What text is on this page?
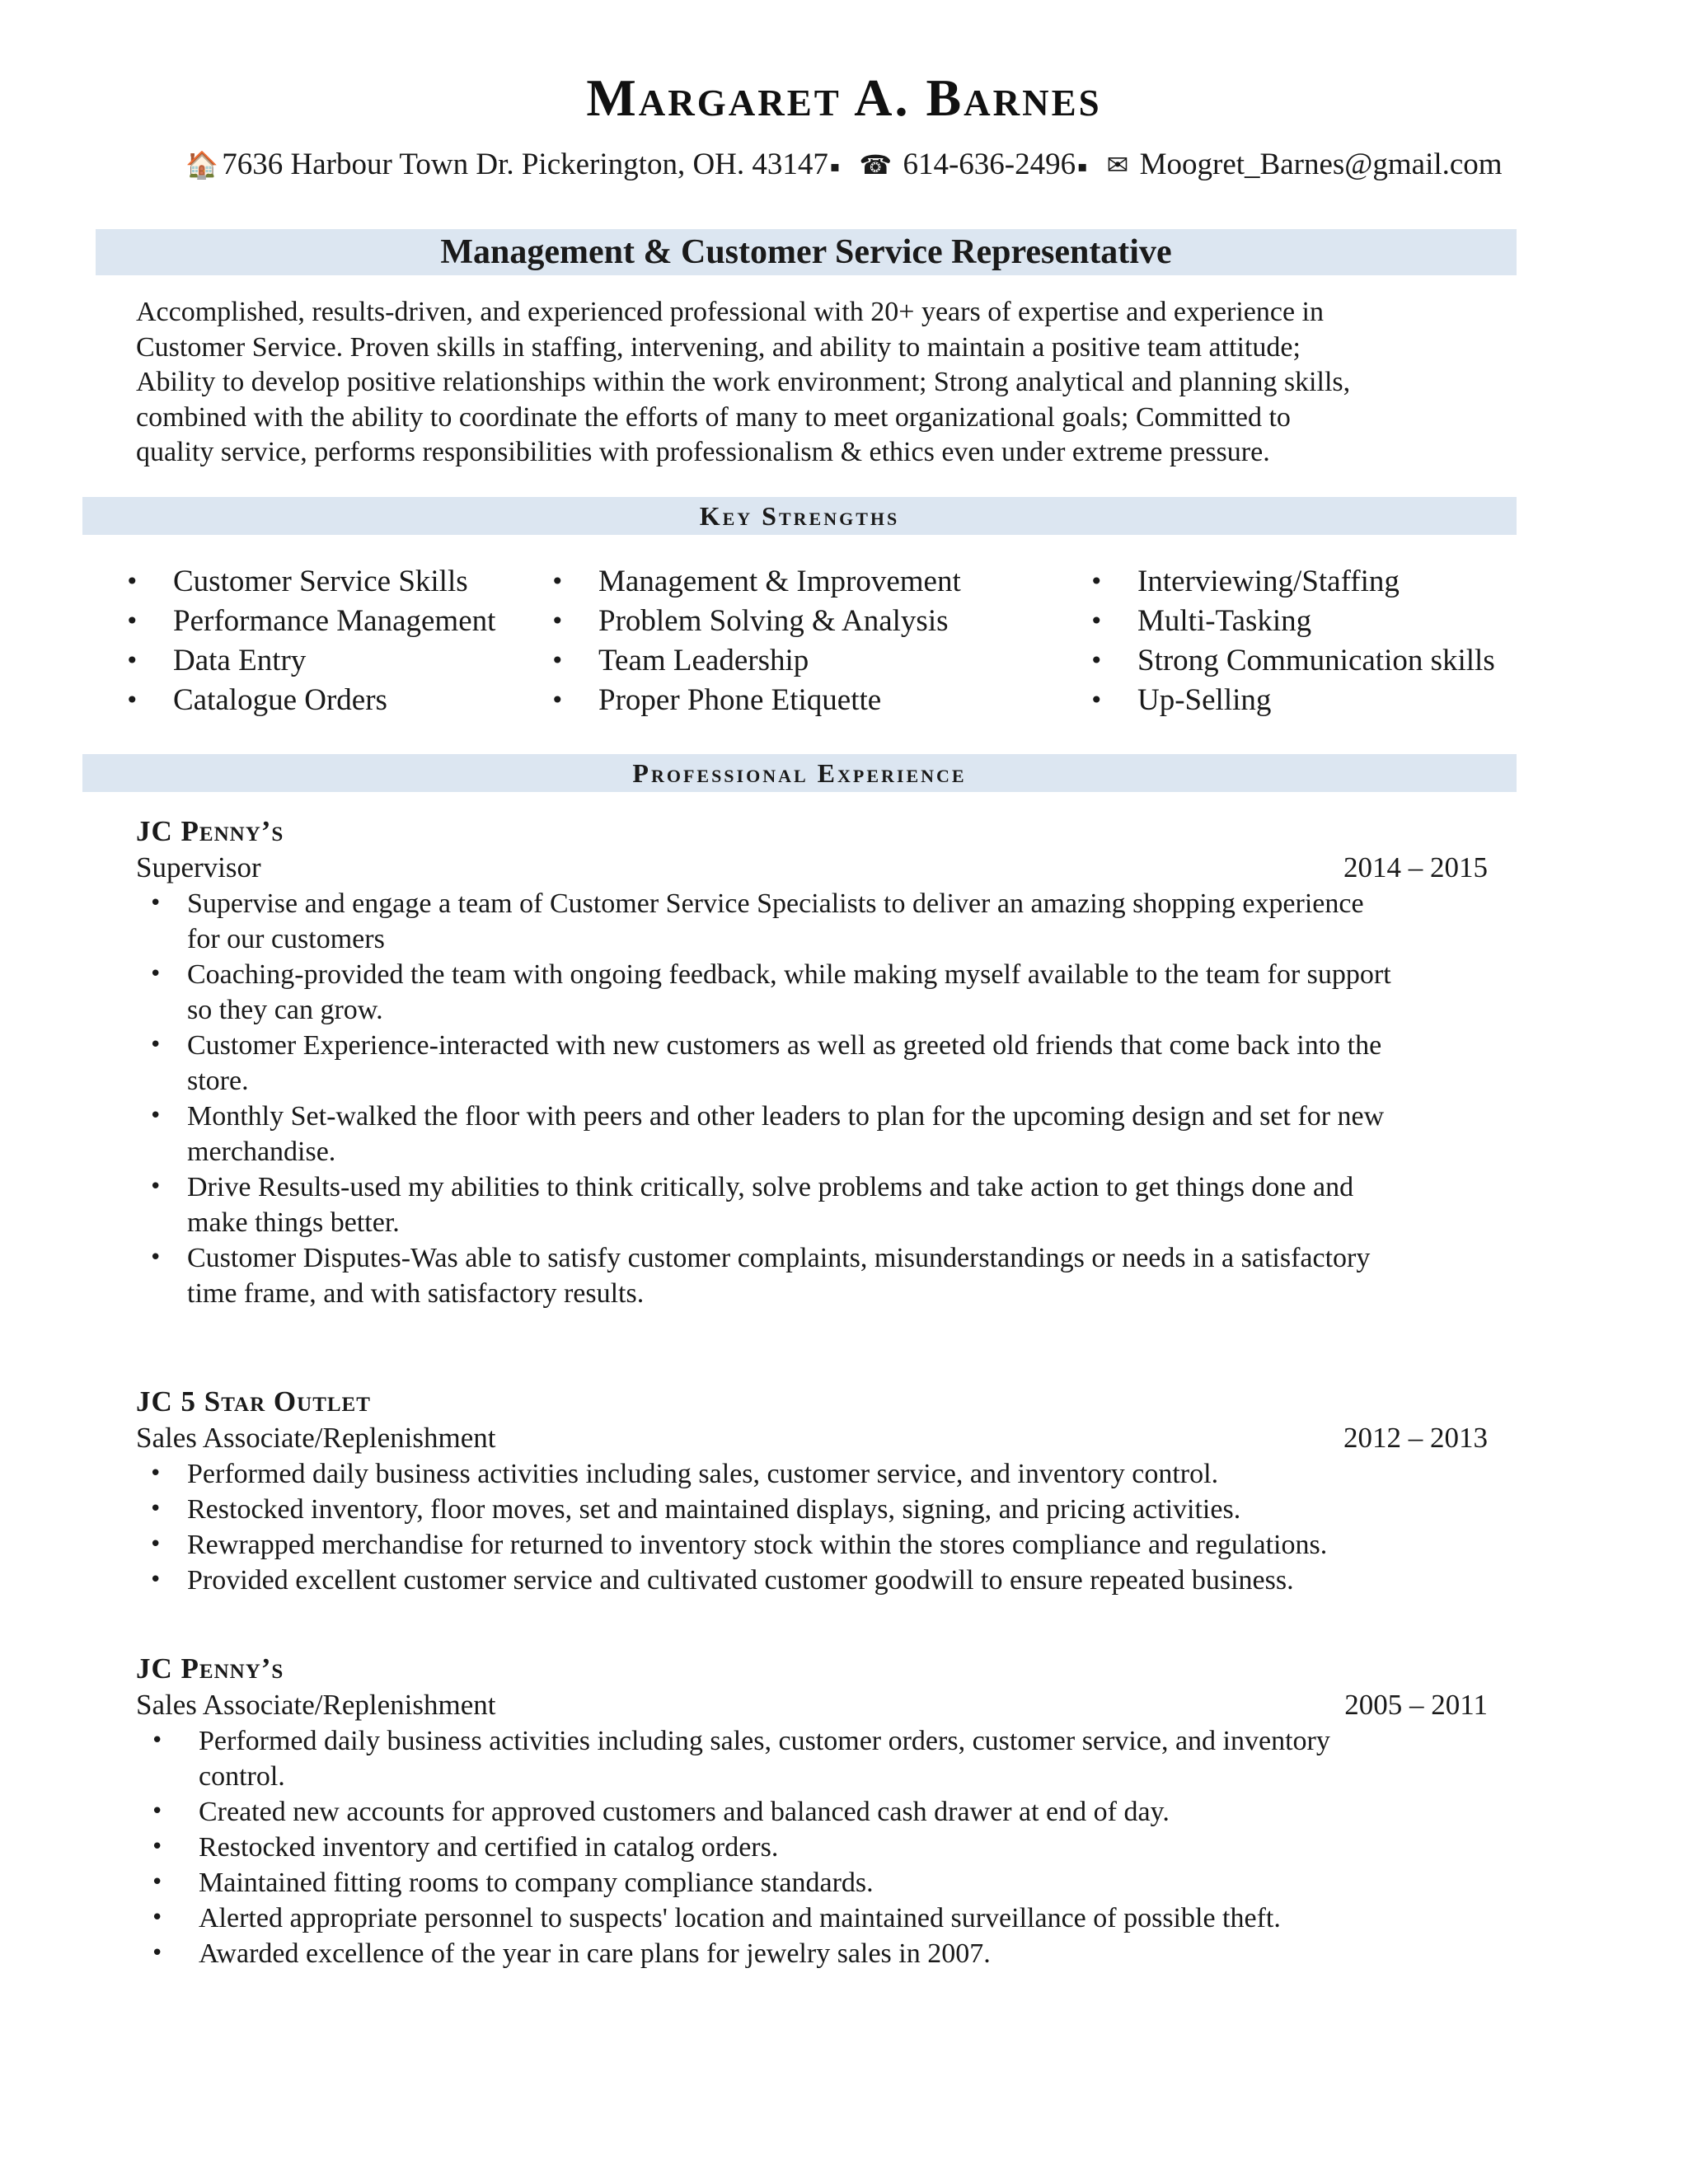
Margaret A. Barnes
🏠 7636 Harbour Town Dr. Pickerington, OH. 43147 ▪ ☎ 614-636-2496 ▪ ✉ Moogret_Barnes@gmail.com
Management & Customer Service Representative
Accomplished, results-driven, and experienced professional with 20+ years of expertise and experience in
Customer Service. Proven skills in staffing, intervening, and ability to maintain a positive team attitude;
Ability to develop positive relationships within the work environment; Strong analytical and planning skills,
combined with the ability to coordinate the efforts of many to meet organizational goals; Committed to
quality service, performs responsibilities with professionalism & ethics even under extreme pressure.
Key Strengths
• Customer Service Skills
• Performance Management
• Data Entry
• Catalogue Orders
• Management & Improvement
• Problem Solving & Analysis
• Team Leadership
• Proper Phone Etiquette
• Interviewing/Staffing
• Multi-Tasking
• Strong Communication skills
• Up-Selling
Professional Experience
JC Penny’s
Supervisor	2014 – 2015
• Supervise and engage a team of Customer Service Specialists to deliver an amazing shopping experience
for our customers
• Coaching-provided the team with ongoing feedback, while making myself available to the team for support
so they can grow.
• Customer Experience-interacted with new customers as well as greeted old friends that come back into the
store.
• Monthly Set-walked the floor with peers and other leaders to plan for the upcoming design and set for new
merchandise.
• Drive Results-used my abilities to think critically, solve problems and take action to get things done and
make things better.
• Customer Disputes-Was able to satisfy customer complaints, misunderstandings or needs in a satisfactory
time frame, and with satisfactory results.
JC 5 Star Outlet
Sales Associate/Replenishment	2012 – 2013
• Performed daily business activities including sales, customer service, and inventory control.
• Restocked inventory, floor moves, set and maintained displays, signing, and pricing activities.
• Rewrapped merchandise for returned to inventory stock within the stores compliance and regulations.
• Provided excellent customer service and cultivated customer goodwill to ensure repeated business.
JC Penny’s
Sales Associate/Replenishment	2005 – 2011
• Performed daily business activities including sales, customer orders, customer service, and inventory
control.
• Created new accounts for approved customers and balanced cash drawer at end of day.
• Restocked inventory and certified in catalog orders.
• Maintained fitting rooms to company compliance standards.
• Alerted appropriate personnel to suspects' location and maintained surveillance of possible theft.
• Awarded excellence of the year in care plans for jewelry sales in 2007.
